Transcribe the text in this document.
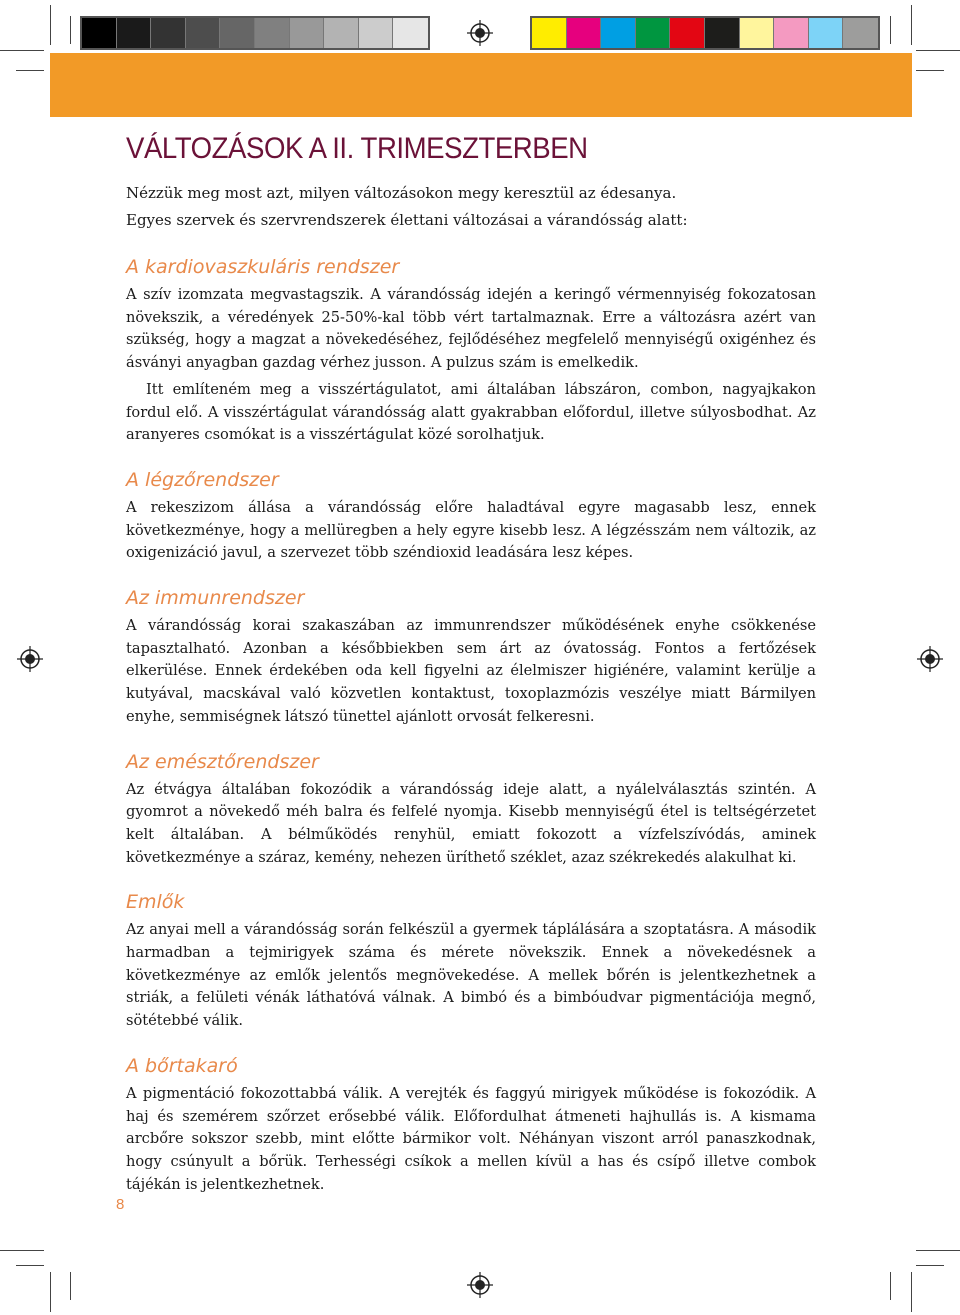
VÁLTOZÁSOK A II. TRIMESZTERBEN

Nézzük meg most azt, milyen változásokon megy keresztül az édesanya.

Egyes szervek és szervrendszerek élettani változásai a várandósság alatt:

A kardiovaszkuláris rendszer

A szív izomzata megvastagszik. A várandósság idején a keringő vérmennyiség fokozatosan növekszik, a véredények 25-50%-kal több vért tartalmaznak. Erre a változásra azért van szükség, hogy a magzat a növekedéséhez, fejlődéséhez megfelelő mennyiségű oxigénhez és ásványi anyagban gazdag vérhez jusson. A pulzus szám is emelkedik.

Itt említeném meg a visszértágulatot, ami általában lábszáron, combon, nagyajkakon fordul elő. A visszértágulat várandósság alatt gyakrabban előfordul, illetve súlyosbodhat. Az aranyeres csomókat is a visszértágulat közé sorolhatjuk.

A légzőrendszer

A rekeszizom állása a várandósság előre haladtával egyre magasabb lesz, ennek következménye, hogy a mellüregben a hely egyre kisebb lesz. A légzésszám nem változik, az oxigenizáció javul, a szervezet több széndioxid leadására lesz képes.

Az immunrendszer

A várandósság korai szakaszában az immunrendszer működésének enyhe csökkenése tapasztalható. Azonban a későbbiekben sem árt az óvatosság. Fontos a fertőzések elkerülése. Ennek érdekében oda kell figyelni az élelmiszer higiénére, valamint kerülje a kutyával, macskával való közvetlen kontaktust, toxoplazmózis veszélye miatt Bármilyen enyhe, semmiségnek látszó tünettel ajánlott orvosát felkeresni.

Az emésztőrendszer

Az étvágya általában fokozódik a várandósság ideje alatt, a nyálelválasztás szintén. A gyomrot a növekedő méh balra és felfelé nyomja. Kisebb mennyiségű étel is teltségérzetet kelt általában. A bélműködés renyhül, emiatt fokozott a vízfelszívódás, aminek következménye a száraz, kemény, nehezen üríthető széklet, azaz székrekedés alakulhat ki.

Emlők

Az anyai mell a várandósság során felkészül a gyermek táplálására a szoptatásra. A második harmadban a tejmirigyek száma és mérete növekszik. Ennek a növekedésnek a következménye az emlők jelentős megnövekedése. A mellek bőrén is jelentkezhetnek a striák, a felületi vénák láthatóvá válnak. A bimbó és a bimbóudvar pigmentációja megnő, sötétebbé válik.

A bőrtakaró

A pigmentáció fokozottabbá válik. A verejték és faggyú mirigyek működése is fokozódik. A haj és szemérem szőrzet erősebbé válik. Előfordulhat átmeneti hajhullás is. A kismama arcbőre sokszor szebb, mint előtte bármikor volt. Néhányan viszont arról panaszkodnak, hogy csúnyult a bőrük. Terhességi csíkok a mellen kívül a has és csípő illetve combok tájékán is jelentkezhetnek.

8
